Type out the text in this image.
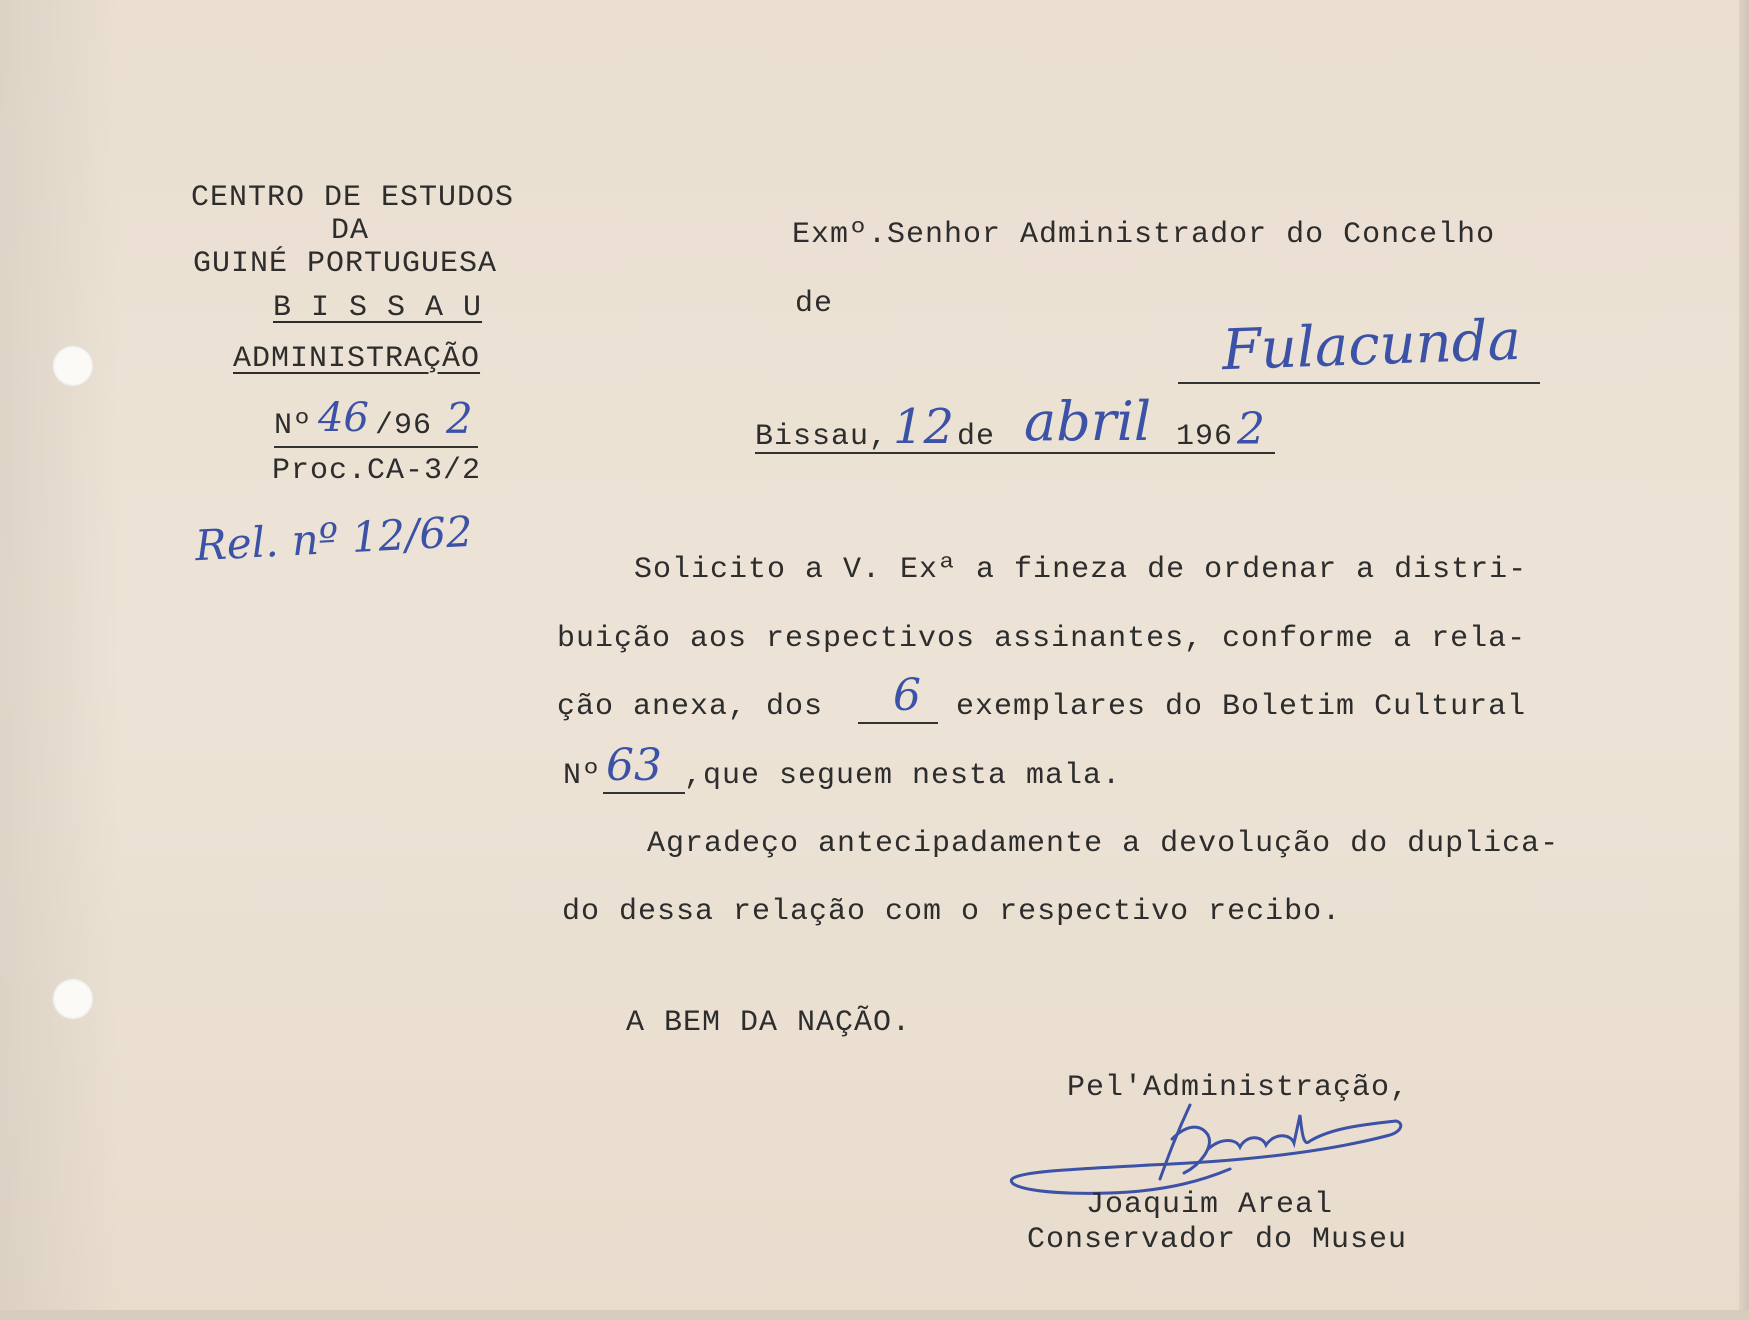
CENTRO DE ESTUDOS
DA
GUINÉ PORTUGUESA
B I S S A U
ADMINISTRAÇÃO
Nº 46 /96 2
Proc.CA-3/2
Rel. nº 12/62
Exmº.Senhor Administrador do Concelho
de
Fulacunda
Bissau, 12 de abril 196 2
Solicito a V. Exª a fineza de ordenar a distri-
buição aos respectivos assinantes, conforme a rela-
ção anexa, dos 6 exemplares do Boletim Cultural
Nº 63 ,que seguem nesta mala.
Agradeço antecipadamente a devolução do duplica-
do dessa relação com o respectivo recibo.
A BEM DA NAÇÃO.
Pel'Administração,
Joaquim Areal
Conservador do Museu
